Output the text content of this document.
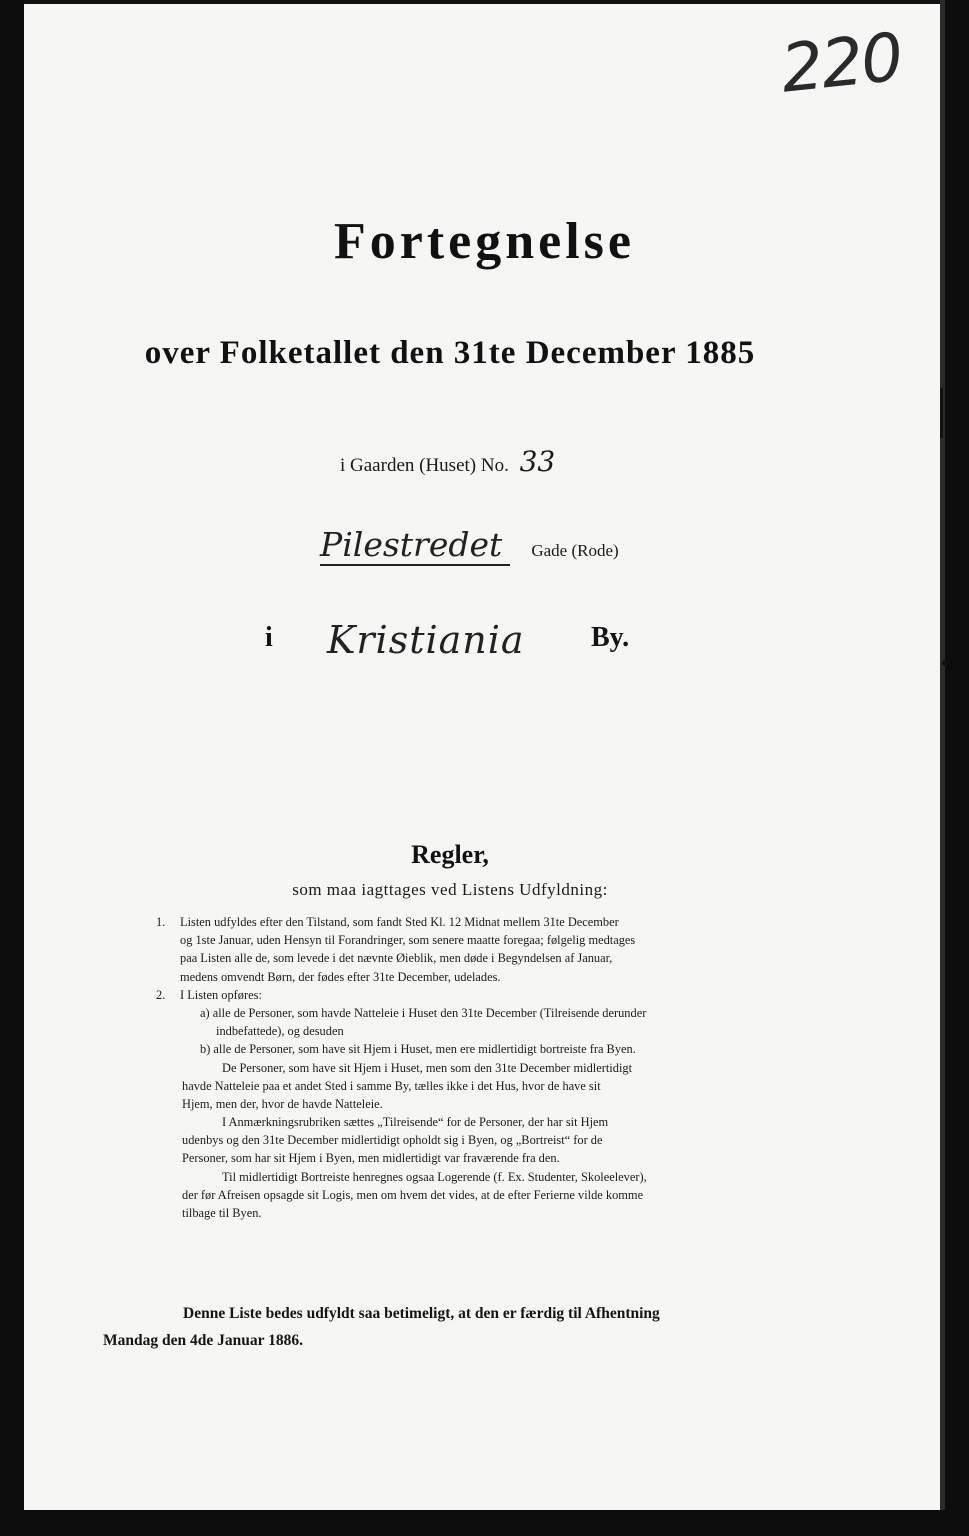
220
Fortegnelse
over Folketallet den 31te December 1885
i Gaarden (Huset) No. 33
Pilestredet Gade (Rode)
i Kristiania By.
Regler,
som maa iagttages ved Listens Udfyldning:
1. Listen udfyldes efter den Tilstand, som fandt Sted Kl. 12 Midnat mellem 31te December
og 1ste Januar, uden Hensyn til Forandringer, som senere maatte foregaa; følgelig medtages
paa Listen alle de, som levede i det nævnte Øieblik, men døde i Begyndelsen af Januar,
medens omvendt Børn, der fødes efter 31te December, udelades.
2. I Listen opføres:
a) alle de Personer, som havde Natteleie i Huset den 31te December (Tilreisende derunder
indbefattede), og desuden
b) alle de Personer, som have sit Hjem i Huset, men ere midlertidigt bortreiste fra Byen.
De Personer, som have sit Hjem i Huset, men som den 31te December midlertidigt
havde Natteleie paa et andet Sted i samme By, tælles ikke i det Hus, hvor de have sit
Hjem, men der, hvor de havde Natteleie.
I Anmærkningsrubriken sættes „Tilreisende“ for de Personer, der har sit Hjem
udenbys og den 31te December midlertidigt opholdt sig i Byen, og „Bortreist“ for de
Personer, som har sit Hjem i Byen, men midlertidigt var fraværende fra den.
Til midlertidigt Bortreiste henregnes ogsaa Logerende (f. Ex. Studenter, Skoleelever),
der før Afreisen opsagde sit Logis, men om hvem det vides, at de efter Ferierne vilde komme
tilbage til Byen.
Denne Liste bedes udfyldt saa betimeligt, at den er færdig til Afhentning
Mandag den 4de Januar 1886.
